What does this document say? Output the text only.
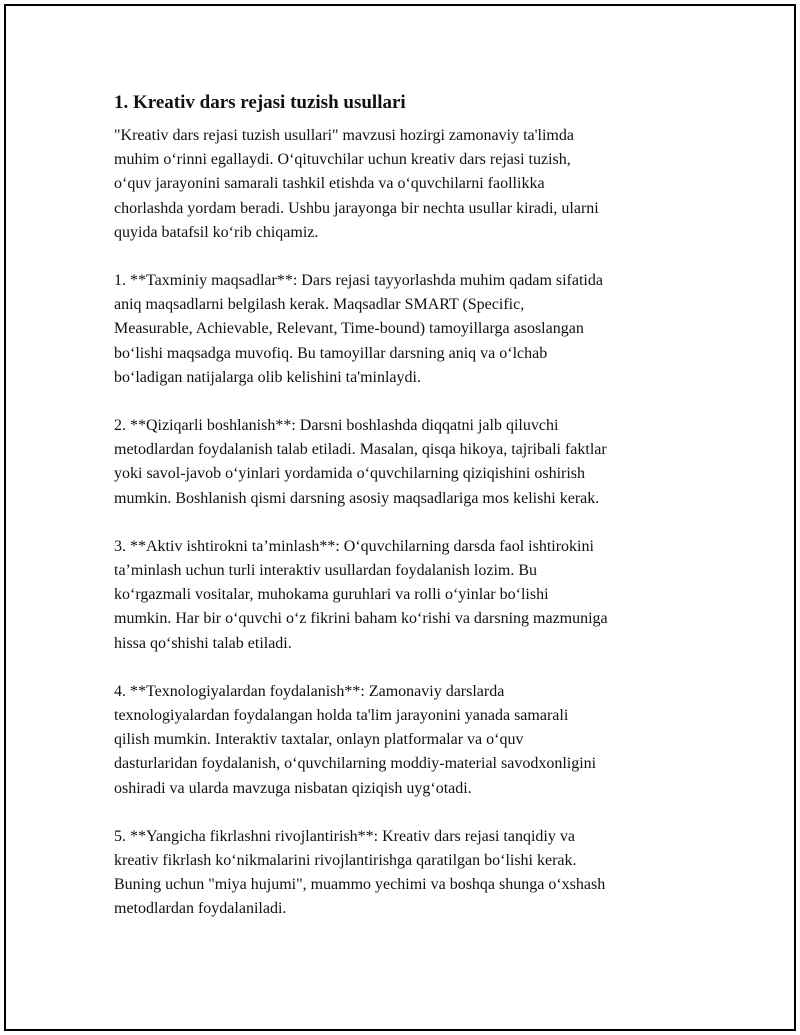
1. Kreativ dars rejasi tuzish usullari

"Kreativ dars rejasi tuzish usullari" mavzusi hozirgi zamonaviy ta'limda
muhim oʻrinni egallaydi. Oʻqituvchilar uchun kreativ dars rejasi tuzish,
oʻquv jarayonini samarali tashkil etishda va oʻquvchilarni faollikka
chorlashda yordam beradi. Ushbu jarayonga bir nechta usullar kiradi, ularni
quyida batafsil koʻrib chiqamiz.

1. **Taxminiy maqsadlar**: Dars rejasi tayyorlashda muhim qadam sifatida
aniq maqsadlarni belgilash kerak. Maqsadlar SMART (Specific,
Measurable, Achievable, Relevant, Time-bound) tamoyillarga asoslangan
boʻlishi maqsadga muvofiq. Bu tamoyillar darsning aniq va oʻlchab
boʻladigan natijalarga olib kelishini ta'minlaydi.

2. **Qiziqarli boshlanish**: Darsni boshlashda diqqatni jalb qiluvchi
metodlardan foydalanish talab etiladi. Masalan, qisqa hikoya, tajribali faktlar
yoki savol-javob oʻyinlari yordamida oʻquvchilarning qiziqishini oshirish
mumkin. Boshlanish qismi darsning asosiy maqsadlariga mos kelishi kerak.

3. **Aktiv ishtirokni taʼminlash**: Oʻquvchilarning darsda faol ishtirokini
taʼminlash uchun turli interaktiv usullardan foydalanish lozim. Bu
koʻrgazmali vositalar, muhokama guruhlari va rolli oʻyinlar boʻlishi
mumkin. Har bir oʻquvchi oʻz fikrini baham koʻrishi va darsning mazmuniga
hissa qoʻshishi talab etiladi.

4. **Texnologiyalardan foydalanish**: Zamonaviy darslarda
texnologiyalardan foydalangan holda ta'lim jarayonini yanada samarali
qilish mumkin. Interaktiv taxtalar, onlayn platformalar va oʻquv
dasturlaridan foydalanish, oʻquvchilarning moddiy-material savodxonligini
oshiradi va ularda mavzuga nisbatan qiziqish uygʻotadi.

5. **Yangicha fikrlashni rivojlantirish**: Kreativ dars rejasi tanqidiy va
kreativ fikrlash koʻnikmalarini rivojlantirishga qaratilgan boʻlishi kerak.
Buning uchun "miya hujumi", muammo yechimi va boshqa shunga oʻxshash
metodlardan foydalaniladi.
